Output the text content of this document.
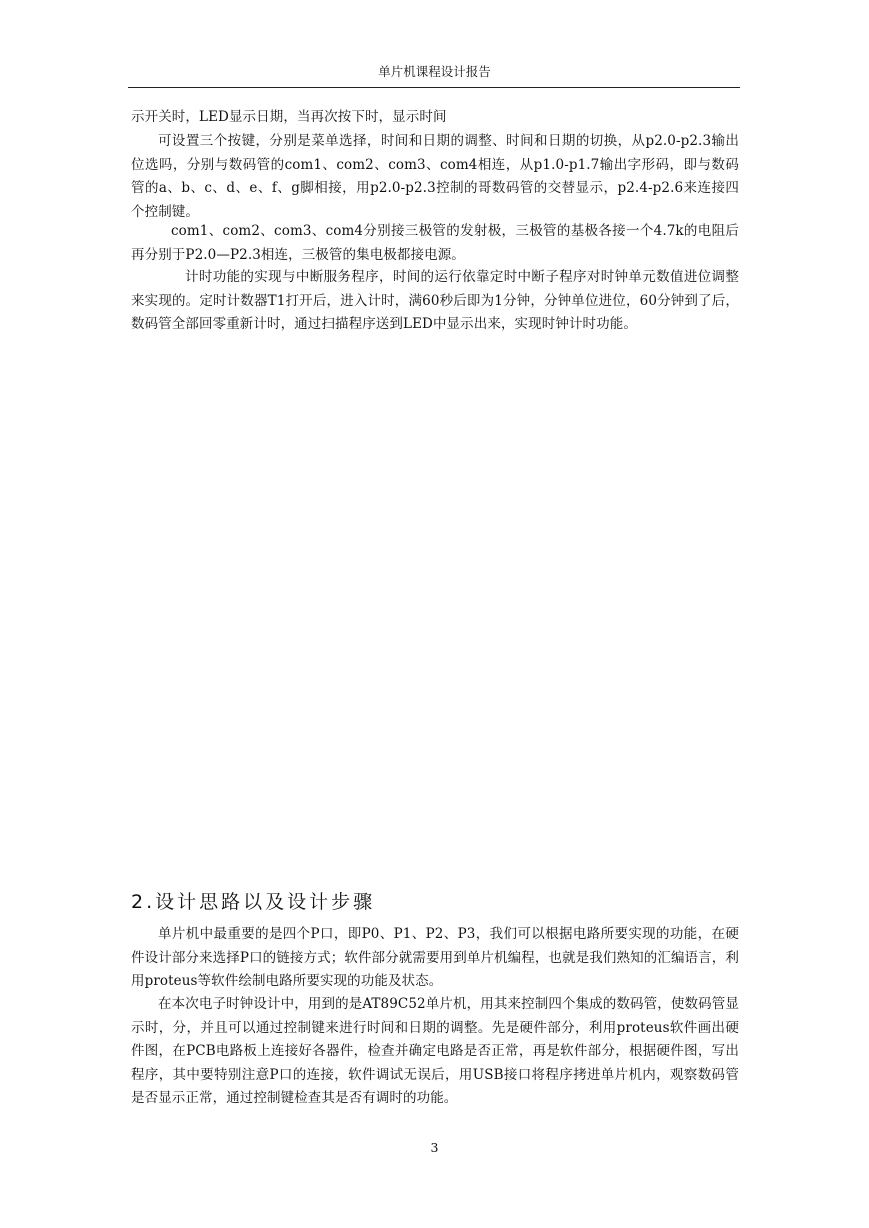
单片机课程设计报告

示开关时，LED显示日期，当再次按下时，显示时间

可设置三个按键，分别是菜单选择，时间和日期的调整、时间和日期的切换，从p2.0-p2.3输出位选吗，分别与数码管的com1、com2、com3、com4相连，从p1.0-p1.7输出字形码，即与数码管的a、b、c、d、e、f、g脚相接，用p2.0-p2.3控制的哥数码管的交替显示，p2.4-p2.6来连接四个控制键。

com1、com2、com3、com4分别接三极管的发射极，三极管的基极各接一个4.7k的电阻后再分别于P2.0—P2.3相连，三极管的集电极都接电源。

计时功能的实现与中断服务程序，时间的运行依靠定时中断子程序对时钟单元数值进位调整来实现的。定时计数器T1打开后，进入计时，满60秒后即为1分钟，分钟单位进位，60分钟到了后，数码管全部回零重新计时，通过扫描程序送到LED中显示出来，实现时钟计时功能。

2.设计思路以及设计步骤

单片机中最重要的是四个P口，即P0、P1、P2、P3，我们可以根据电路所要实现的功能，在硬件设计部分来选择P口的链接方式；软件部分就需要用到单片机编程，也就是我们熟知的汇编语言，利用proteus等软件绘制电路所要实现的功能及状态。

在本次电子时钟设计中，用到的是AT89C52单片机，用其来控制四个集成的数码管，使数码管显示时，分，并且可以通过控制键来进行时间和日期的调整。先是硬件部分，利用proteus软件画出硬件图，在PCB电路板上连接好各器件，检查并确定电路是否正常，再是软件部分，根据硬件图，写出程序，其中要特别注意P口的连接，软件调试无误后，用USB接口将程序拷进单片机内，观察数码管是否显示正常，通过控制键检查其是否有调时的功能。

3
